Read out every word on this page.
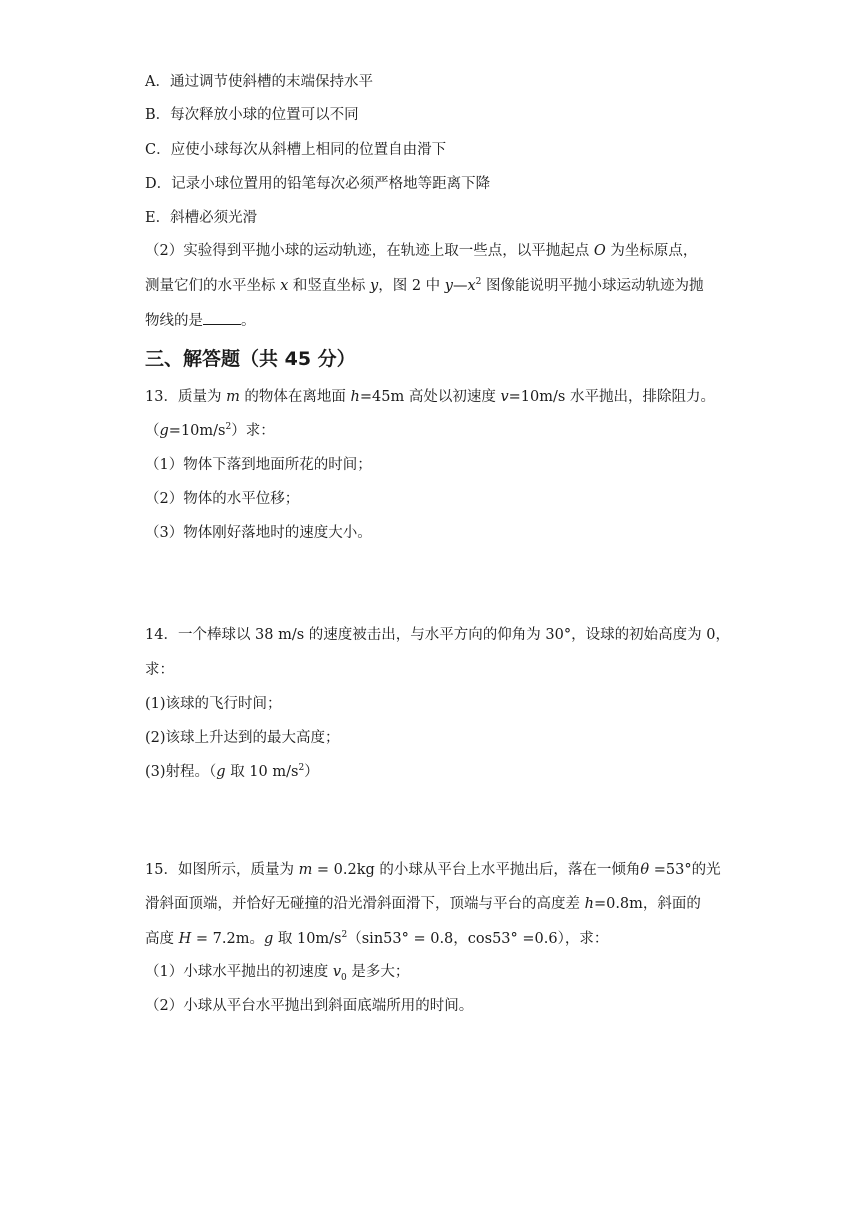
A．通过调节使斜槽的末端保持水平
B．每次释放小球的位置可以不同
C．应使小球每次从斜槽上相同的位置自由滑下
D．记录小球位置用的铅笔每次必须严格地等距离下降
E．斜槽必须光滑
（2）实验得到平抛小球的运动轨迹，在轨迹上取一些点，以平抛起点 O 为坐标原点，
测量它们的水平坐标 x 和竖直坐标 y，图 2 中 $y—x^2$ 图像能说明平抛小球运动轨迹为抛
物线的是	。
三、解答题（共 45 分）
13．质量为 m 的物体在离地面 h=45m 高处以初速度 v=10m/s 水平抛出，排除阻力。
$(g=10m/s^2)$求：
（1）物体下落到地面所花的时间；
（2）物体的水平位移；
（3）物体刚好落地时的速度大小。
14．一个棒球以 38 m/s 的速度被击出，与水平方向的仰角为 30°，设球的初始高度为 0，
求：
(1)该球的飞行时间；
(2)该球上升达到的最大高度；
(3)射程。（g 取 10 $m/s^2$）
15．如图所示，质量为 m = 0.2kg 的小球从平台上水平抛出后，落在一倾角θ =53°的光
滑斜面顶端，并恰好无碰撞的沿光滑斜面滑下，顶端与平台的高度差 h=0.8m，斜面的
高度 H = 7.2m。g 取 $10m/s^2(\sin 53^\circ = 0.8$，cos53° =0.6），求：
（1）小球水平抛出的初速度 $v_0$ 是多大；
（2）小球从平台水平抛出到斜面底端所用的时间。
